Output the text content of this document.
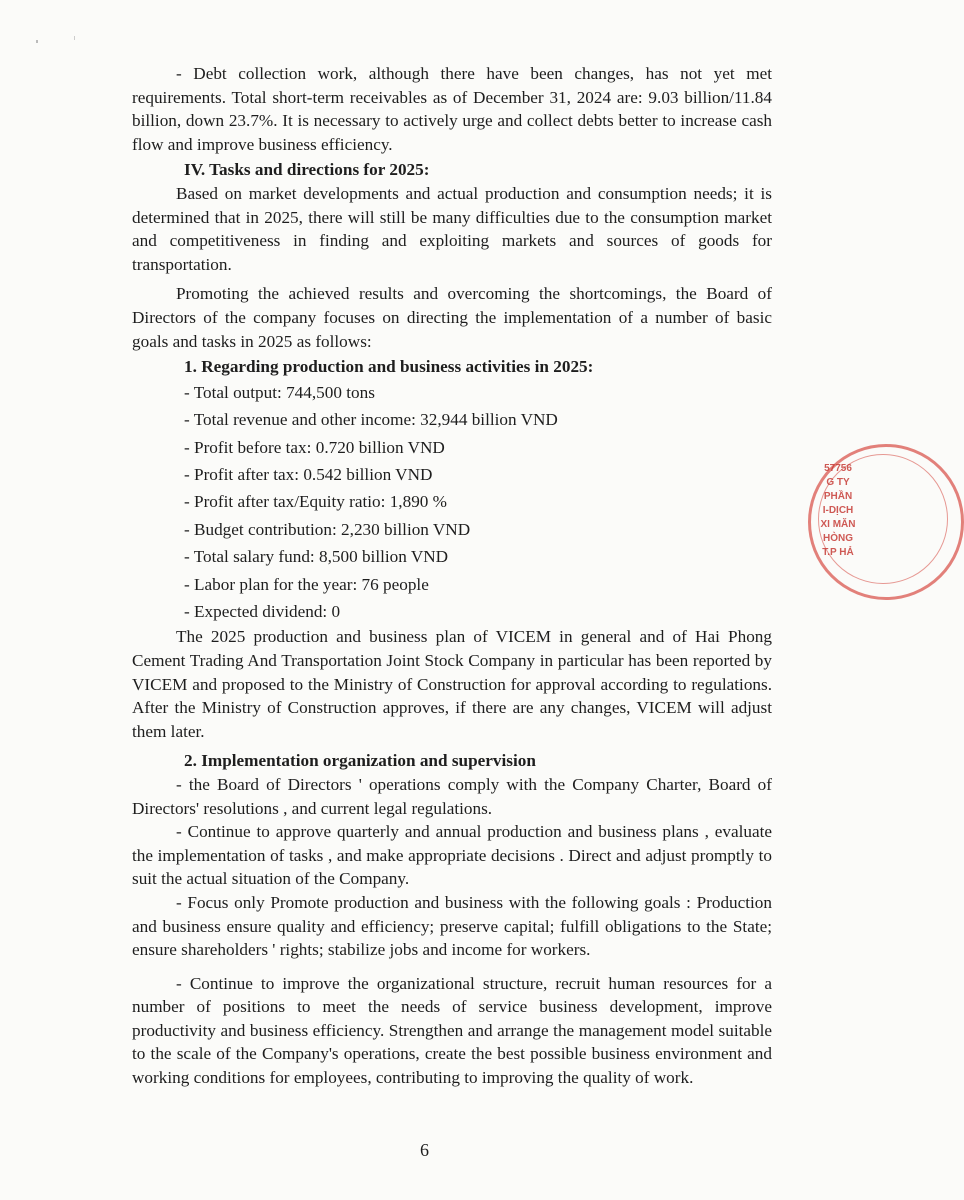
- Debt collection work, although there have been changes, has not yet met requirements. Total short-term receivables as of December 31, 2024 are: 9.03 billion/11.84 billion, down 23.7%. It is necessary to actively urge and collect debts better to increase cash flow and improve business efficiency.

IV. Tasks and directions for 2025:

Based on market developments and actual production and consumption needs; it is determined that in 2025, there will still be many difficulties due to the consumption market and competitiveness in finding and exploiting markets and sources of goods for transportation.

Promoting the achieved results and overcoming the shortcomings, the Board of Directors of the company focuses on directing the implementation of a number of basic goals and tasks in 2025 as follows:

1. Regarding production and business activities in 2025:

- Total output: 744,500 tons

- Total revenue and other income: 32,944 billion VND

- Profit before tax: 0.720 billion VND

- Profit after tax: 0.542 billion VND

- Profit after tax/Equity ratio: 1,890 %

- Budget contribution: 2,230 billion VND

- Total salary fund: 8,500 billion VND

- Labor plan for the year: 76 people

- Expected dividend: 0

The 2025 production and business plan of VICEM in general and of Hai Phong Cement Trading And Transportation Joint Stock Company in particular has been reported by VICEM and proposed to the Ministry of Construction for approval according to regulations. After the Ministry of Construction approves, if there are any changes, VICEM will adjust them later.

2. Implementation organization and supervision

- the Board of Directors ' operations comply with the Company Charter, Board of Directors' resolutions , and current legal regulations.

- Continue to approve quarterly and annual production and business plans , evaluate the implementation of tasks , and make appropriate decisions . Direct and adjust promptly to suit the actual situation of the Company.

- Focus only Promote production and business with the following goals : Production and business ensure quality and efficiency; preserve capital; fulfill obligations to the State; ensure shareholders ' rights; stabilize jobs and income for workers.

- Continue to improve the organizational structure, recruit human resources for a number of positions to meet the needs of service business development, improve productivity and business efficiency. Strengthen and arrange the management model suitable to the scale of the Company's operations, create the best possible business environment and working conditions for employees, contributing to improving the quality of work.

57756
G TY
PHẦN
I-DỊCH
XI MĂN
HÒNG
T.P HẢ
6
